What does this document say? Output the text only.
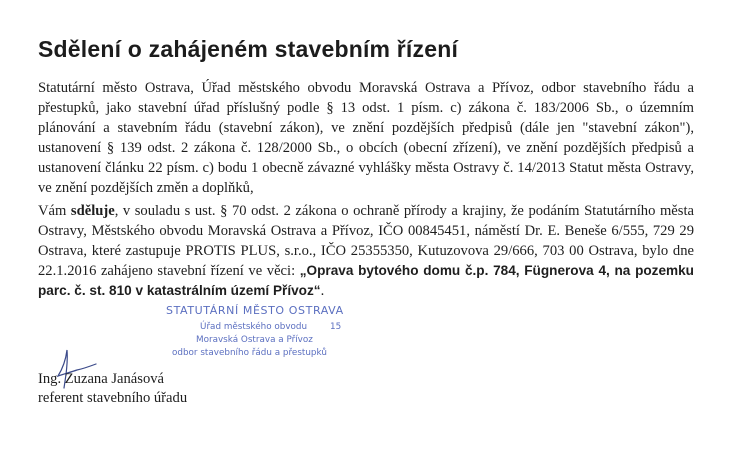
Sdělení o zahájeném stavebním řízení

Statutární město Ostrava, Úřad městského obvodu Moravská Ostrava a Přívoz, odbor stavebního řádu a přestupků, jako stavební úřad příslušný podle § 13 odst. 1 písm. c) zákona č. 183/2006 Sb., o územním plánování a stavebním řádu (stavební zákon), ve znění pozdějších předpisů (dále jen "stavební zákon"), ustanovení § 139 odst. 2 zákona č. 128/2000 Sb., o obcích (obecní zřízení), ve znění pozdějších předpisů a ustanovení článku 22 písm. c) bodu 1 obecně závazné vyhlášky města Ostravy č. 14/2013 Statut města Ostravy, ve znění pozdějších změn a doplňků,

Vám sděluje, v souladu s ust. § 70 odst. 2 zákona o ochraně přírody a krajiny, že podáním Statutárního města Ostravy, Městského obvodu Moravská Ostrava a Přívoz, IČO 00845451, náměstí Dr. E. Beneše 6/555, 729 29 Ostrava, které zastupuje PROTIS PLUS, s.r.o., IČO 25355350, Kutuzovova 29/666, 703 00 Ostrava, bylo dne 22.1.2016 zahájeno stavební řízení ve věci: „Oprava bytového domu č.p. 784, Fügnerova 4, na pozemku parc. č. st. 810 v katastrálním území Přívoz“.

STATUTÁRNÍ MĚSTO OSTRAVA
Úřad městského obvodu	15
Moravská Ostrava a Přívoz
odbor stavebního řádu a přestupků

Ing. Zuzana Janásová
referent stavebního úřadu
